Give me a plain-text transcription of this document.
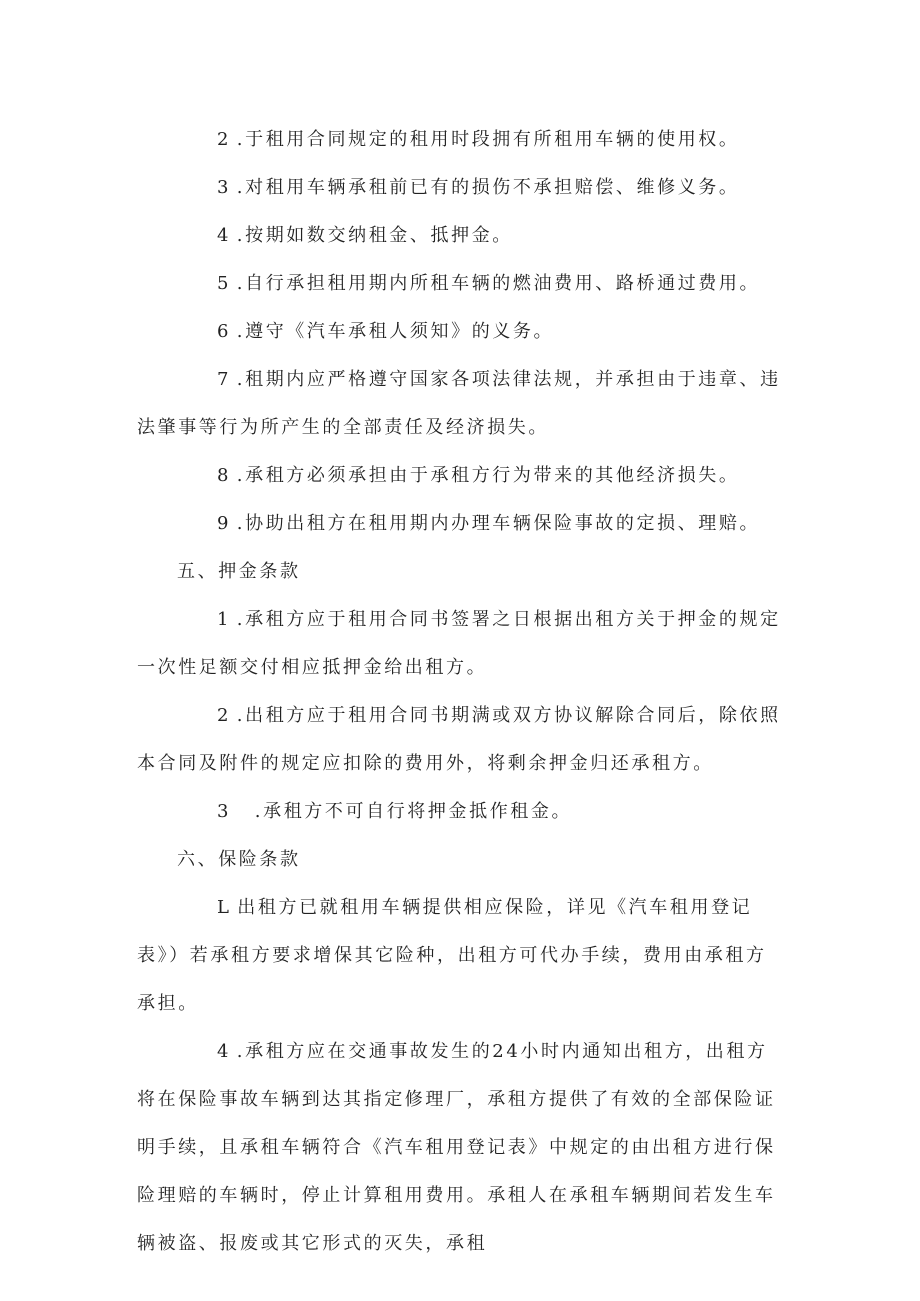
2 .于租用合同规定的租用时段拥有所租用车辆的使用权。

3 .对租用车辆承租前已有的损伤不承担赔偿、维修义务。

4 .按期如数交纳租金、抵押金。

5 .自行承担租用期内所租车辆的燃油费用、路桥通过费用。

6 .遵守《汽车承租人须知》的义务。

7 .租期内应严格遵守国家各项法律法规，并承担由于违章、违法肇事等行为所产生的全部责任及经济损失。

8 .承租方必须承担由于承租方行为带来的其他经济损失。

9 .协助出租方在租用期内办理车辆保险事故的定损、理赔。

五、押金条款

1 .承租方应于租用合同书签署之日根据出租方关于押金的规定一次性足额交付相应抵押金给出租方。

2 .出租方应于租用合同书期满或双方协议解除合同后，除依照本合同及附件的规定应扣除的费用外，将剩余押金归还承租方。

3 .承租方不可自行将押金抵作租金。

六、保险条款

L 出租方已就租用车辆提供相应保险，详见《汽车租用登记表》）若承租方要求增保其它险种，出租方可代办手续，费用由承租方承担。

4 .承租方应在交通事故发生的24小时内通知出租方，出租方将在保险事故车辆到达其指定修理厂，承租方提供了有效的全部保险证明手续，且承租车辆符合《汽车租用登记表》中规定的由出租方进行保险理赔的车辆时，停止计算租用费用。承租人在承租车辆期间若发生车辆被盗、报废或其它形式的灭失，承租
